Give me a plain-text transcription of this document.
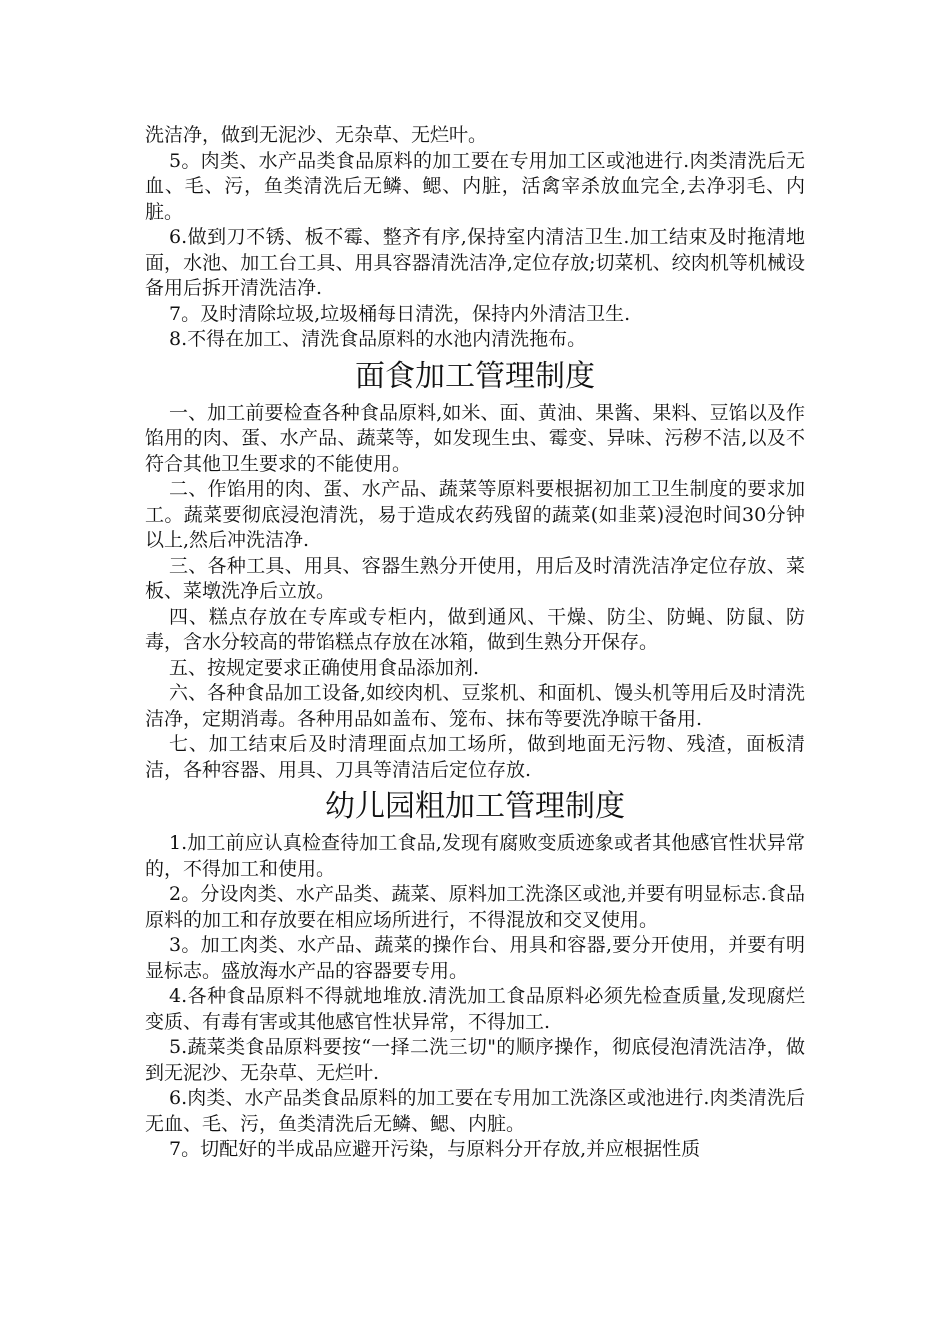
洗洁净，做到无泥沙、无杂草、无烂叶。

5。肉类、水产品类食品原料的加工要在专用加工区或池进行.肉类清洗后无血、毛、污，鱼类清洗后无鳞、鳃、内脏，活禽宰杀放血完全,去净羽毛、内脏。

6.做到刀不锈、板不霉、整齐有序,保持室内清洁卫生.加工结束及时拖清地面，水池、加工台工具、用具容器清洗洁净,定位存放;切菜机、绞肉机等机械设备用后拆开清洗洁净.

7。及时清除垃圾,垃圾桶每日清洗，保持内外清洁卫生.

8.不得在加工、清洗食品原料的水池内清洗拖布。

面食加工管理制度

一、加工前要检查各种食品原料,如米、面、黄油、果酱、果料、豆馅以及作馅用的肉、蛋、水产品、蔬菜等，如发现生虫、霉变、异味、污秽不洁,以及不符合其他卫生要求的不能使用。

二、作馅用的肉、蛋、水产品、蔬菜等原料要根据初加工卫生制度的要求加工。蔬菜要彻底浸泡清洗，易于造成农药残留的蔬菜(如韭菜)浸泡时间30分钟以上,然后冲洗洁净.

三、各种工具、用具、容器生熟分开使用，用后及时清洗洁净定位存放、菜板、菜墩洗净后立放。

四、糕点存放在专库或专柜内，做到通风、干燥、防尘、防蝇、防鼠、防毒，含水分较高的带馅糕点存放在冰箱，做到生熟分开保存。

五、按规定要求正确使用食品添加剂.

六、各种食品加工设备,如绞肉机、豆浆机、和面机、馒头机等用后及时清洗洁净，定期消毒。各种用品如盖布、笼布、抹布等要洗净晾干备用.

七、加工结束后及时清理面点加工场所，做到地面无污物、残渣，面板清洁，各种容器、用具、刀具等清洁后定位存放.

幼儿园粗加工管理制度

1.加工前应认真检查待加工食品,发现有腐败变质迹象或者其他感官性状异常的，不得加工和使用。

2。分设肉类、水产品类、蔬菜、原料加工洗涤区或池,并要有明显标志.食品原料的加工和存放要在相应场所进行，不得混放和交叉使用。

3。加工肉类、水产品、蔬菜的操作台、用具和容器,要分开使用，并要有明显标志。盛放海水产品的容器要专用。

4.各种食品原料不得就地堆放.清洗加工食品原料必须先检查质量,发现腐烂变质、有毒有害或其他感官性状异常，不得加工.

5.蔬菜类食品原料要按“一择二洗三切"的顺序操作，彻底侵泡清洗洁净，做到无泥沙、无杂草、无烂叶.

6.肉类、水产品类食品原料的加工要在专用加工洗涤区或池进行.肉类清洗后无血、毛、污，鱼类清洗后无鳞、鳃、内脏。

7。切配好的半成品应避开污染，与原料分开存放,并应根据性质
